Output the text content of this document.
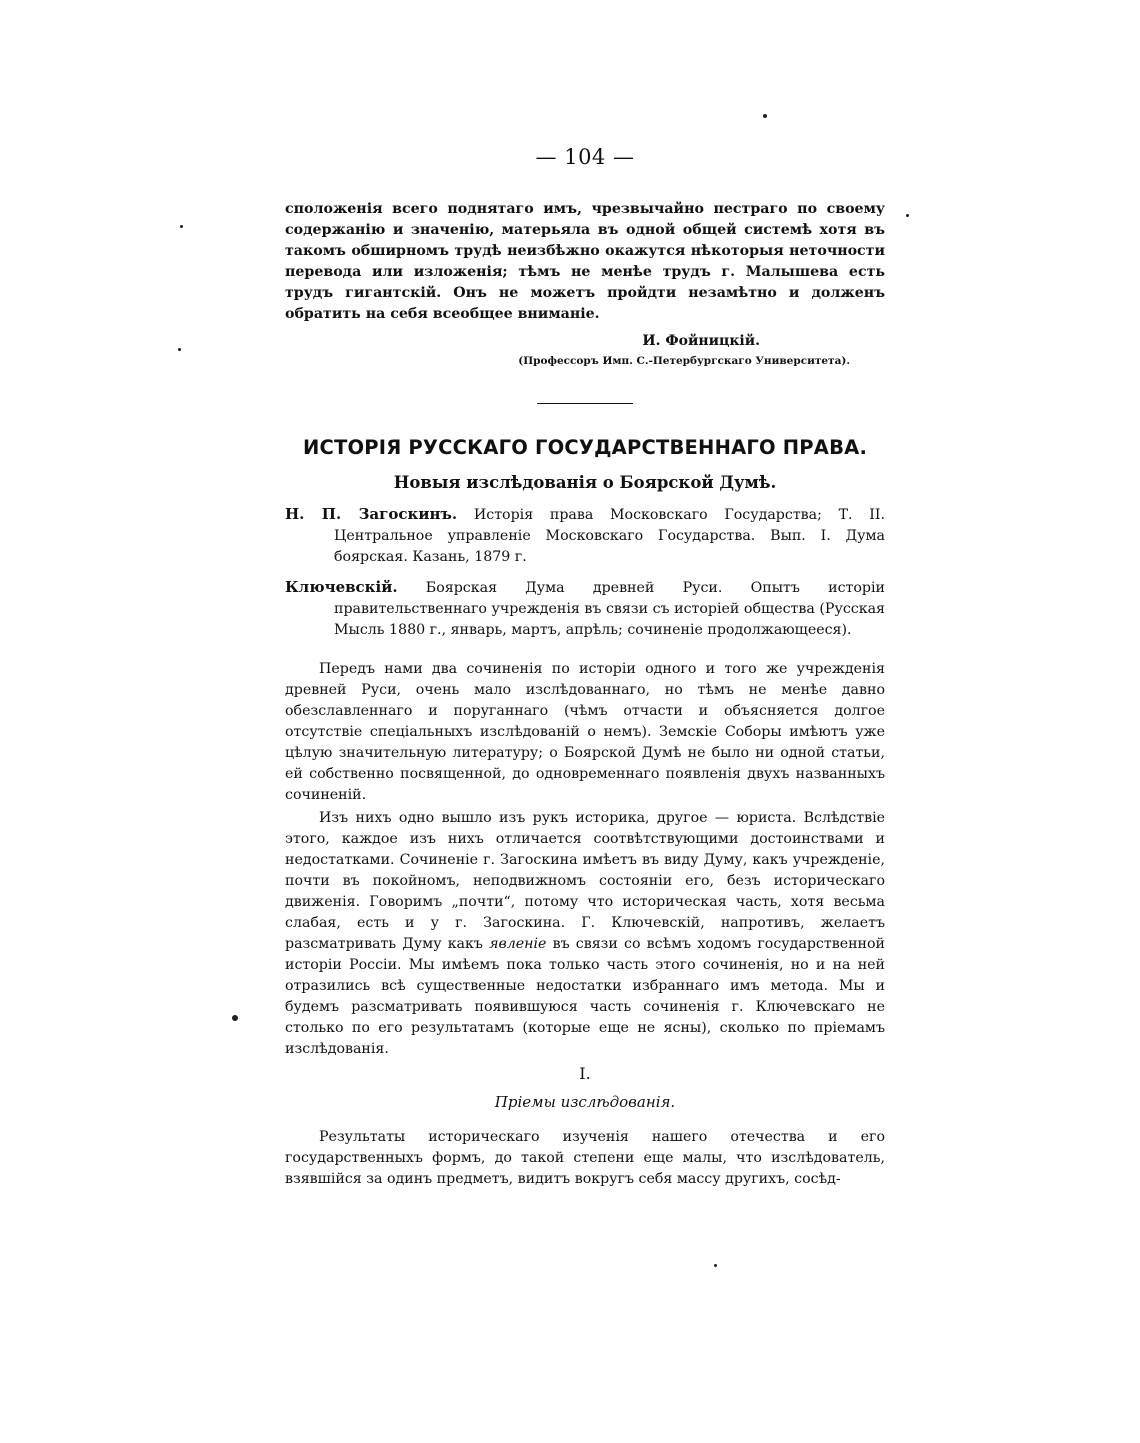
— 104 —

сположенія всего поднятаго имъ, чрезвычайно пестраго по своему содержанію и значенію, матерьяла въ одной общей системѣ хотя въ такомъ обширномъ трудѣ неизбѣжно окажутся нѣкоторыя неточности перевода или изложенія; тѣмъ не менѣе трудъ г. Малышева есть трудъ гигантскій. Онъ не можетъ пройдти незамѣтно и долженъ обратить на себя всеобщее вниманіе.

И. Фойницкій.
(Профессоръ Имп. С.-Петербургскаго Университета).
ИСТОРІЯ РУССКАГО ГОСУДАРСТВЕННАГО ПРАВА.
Новыя изслѣдованія о Боярской Думѣ.
Н. П. Загоскинъ. Исторія права Московскаго Государства; Т. II. Центральное управленіе Московскаго Государства. Вып. I. Дума боярская. Казань, 1879 г.
Ключевскій. Боярская Дума древней Руси. Опытъ исторіи правительственнаго учрежденія въ связи съ исторіей общества (Русская Мысль 1880 г., январь, мартъ, апрѣль; сочиненіе продолжающееся).

Передъ нами два сочиненія по исторіи одного и того же учрежденія древней Руси, очень мало изслѣдованнаго, но тѣмъ не менѣе давно обезславленнаго и поруганнаго (чѣмъ отчасти и объясняется долгое отсутствіе спеціальныхъ изслѣдованій о немъ). Земскіе Соборы имѣютъ уже цѣлую значительную литературу; о Боярской Думѣ не было ни одной статьи, ей собственно посвященной, до одновременнаго появленія двухъ названныхъ сочиненій.

Изъ нихъ одно вышло изъ рукъ историка, другое — юриста. Вслѣдствіе этого, каждое изъ нихъ отличается соотвѣтствующими достоинствами и недостатками. Сочиненіе г. Загоскина имѣетъ въ виду Думу, какъ учрежденіе, почти въ покойномъ, неподвижномъ состояніи его, безъ историческаго движенія. Говоримъ „почти“, потому что историческая часть, хотя весьма слабая, есть и у г. Загоскина. Г. Ключевскій, напротивъ, желаетъ разсматривать Думу какъ явленіе въ связи со всѣмъ ходомъ государственной исторіи Россіи. Мы имѣемъ пока только часть этого сочиненія, но и на ней отразились всѣ существенные недостатки избраннаго имъ метода. Мы и будемъ разсматривать появившуюся часть сочиненія г. Ключевскаго не столько по его результатамъ (которые еще не ясны), сколько по пріемамъ изслѣдованія.

I.
Пріемы изслѣдованія.

Результаты историческаго изученія нашего отечества и его государственныхъ формъ, до такой степени еще малы, что изслѣдователь, взявшійся за одинъ предметъ, видитъ вокругъ себя массу другихъ, сосѣд-
